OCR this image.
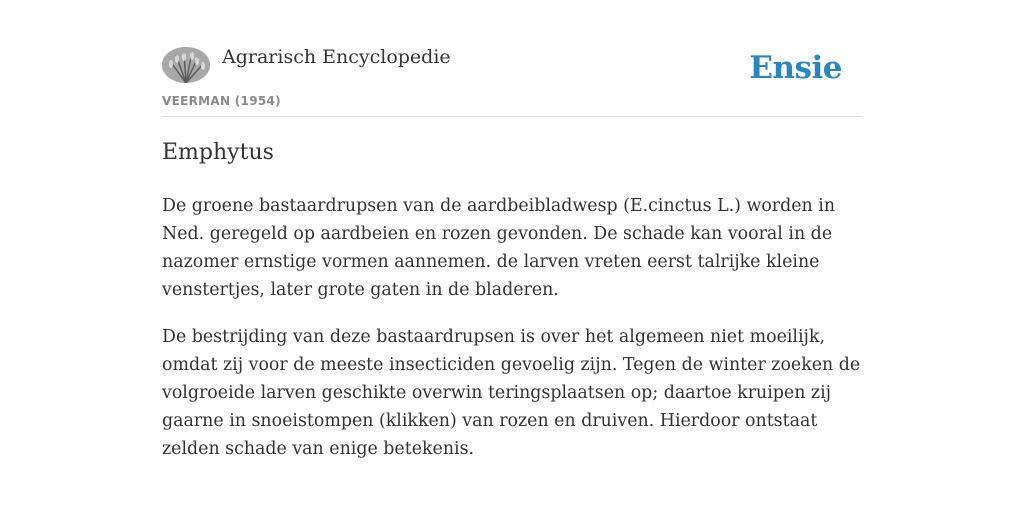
Agrarisch Encyclopedie
VEERMAN (1954)
Ensie
Emphytus

De groene bastaardrupsen van de aardbeibladwesp (E.cinctus L.) worden in Ned. geregeld op aardbeien en rozen gevonden. De schade kan vooral in de nazomer ernstige vormen aannemen. de larven vreten eerst talrijke kleine venstertjes, later grote gaten in de bladeren.

De bestrijding van deze bastaardrupsen is over het algemeen niet moeilijk, omdat zij voor de meeste insecticiden gevoelig zijn. Tegen de winter zoeken de volgroeide larven geschikte overwin teringsplaatsen op; daartoe kruipen zij gaarne in snoeistompen (klikken) van rozen en druiven. Hierdoor ontstaat zelden schade van enige betekenis.
